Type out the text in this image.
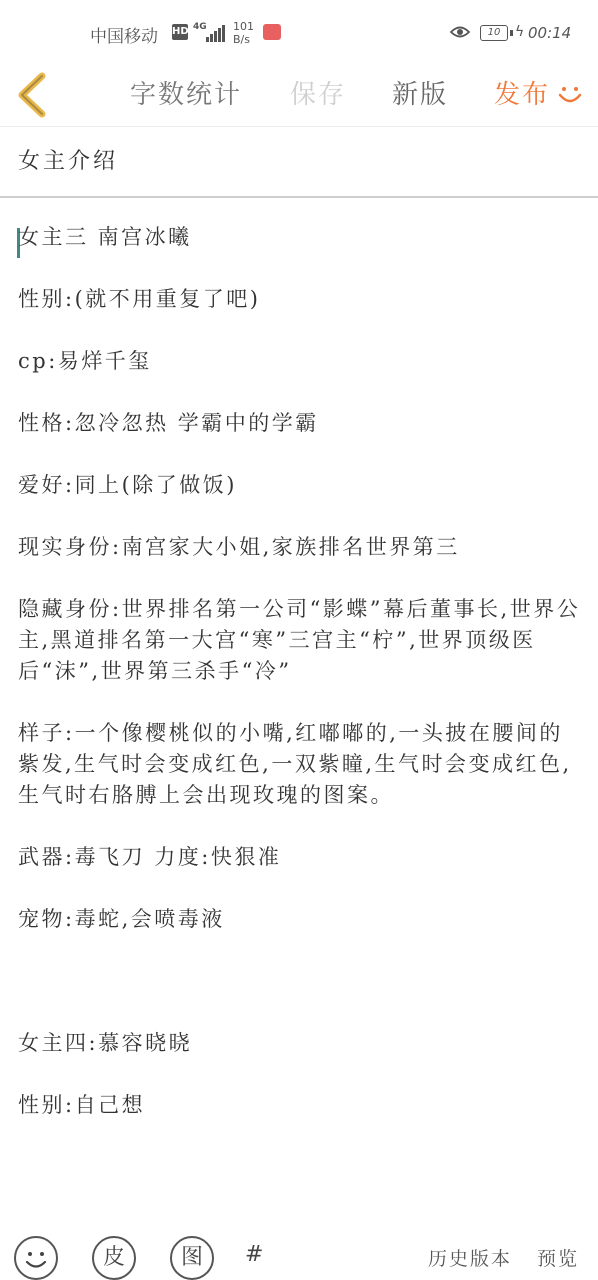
中国移动 HD 4G 101
B/s
10	ϟ 00:14
字数统计 保存 新版 发布
女主介绍

女主三 南宫冰曦

性别:(就不用重复了吧)

cp:易烊千玺

性格:忽冷忽热 学霸中的学霸

爱好:同上(除了做饭)

现实身份:南宫家大小姐,家族排名世界第三

隐藏身份:世界排名第一公司“影蝶”幕后董事长,世界公主,黑道排名第一大宫“寒”三宫主“柠”,世界顶级医后“沫”,世界第三杀手“冷”

样子:一个像樱桃似的小嘴,红嘟嘟的,一头披在腰间的紫发,生气时会变成红色,一双紫瞳,生气时会变成红色,生气时右胳膊上会出现玫瑰的图案。

武器:毒飞刀 力度:快狠准

宠物:毒蛇,会喷毒液

女主四:慕容晓晓

性别:自己想

皮	图	#	历史版本 预览
